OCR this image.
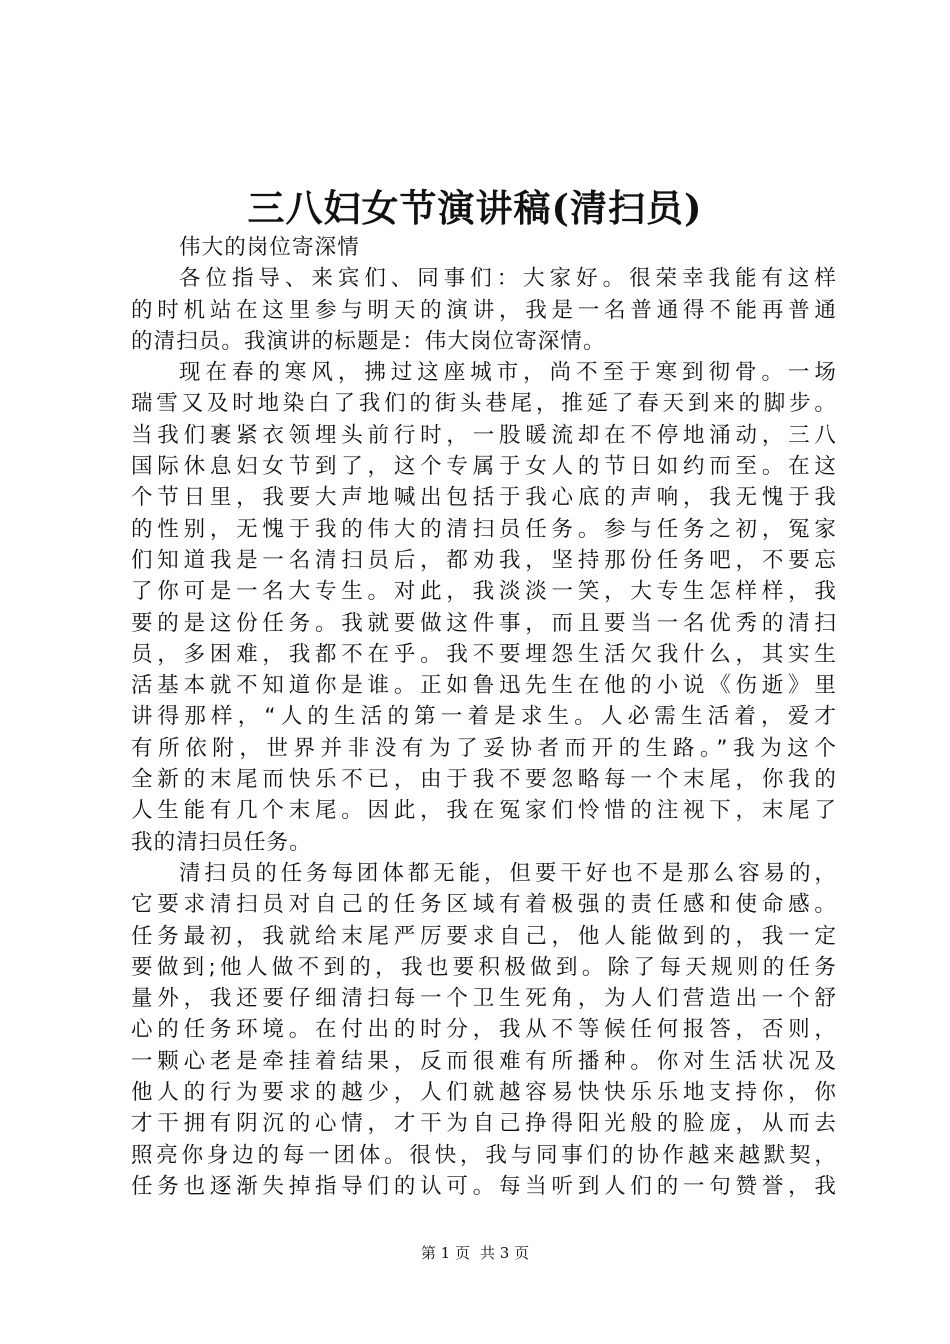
三八妇女节演讲稿(清扫员)
伟大的岗位寄深情
各位指导、来宾们、同事们：大家好。很荣幸我能有这样
的时机站在这里参与明天的演讲，我是一名普通得不能再普通
的清扫员。我演讲的标题是：伟大岗位寄深情。
现在春的寒风，拂过这座城市，尚不至于寒到彻骨。一场
瑞雪又及时地染白了我们的街头巷尾，推延了春天到来的脚步。
当我们裹紧衣领埋头前行时，一股暖流却在不停地涌动，三八
国际休息妇女节到了，这个专属于女人的节日如约而至。在这
个节日里，我要大声地喊出包括于我心底的声响，我无愧于我
的性别，无愧于我的伟大的清扫员任务。参与任务之初，冤家
们知道我是一名清扫员后，都劝我，坚持那份任务吧，不要忘
了你可是一名大专生。对此，我淡淡一笑，大专生怎样样，我
要的是这份任务。我就要做这件事，而且要当一名优秀的清扫
员，多困难，我都不在乎。我不要埋怨生活欠我什么，其实生
活基本就不知道你是谁。正如鲁迅先生在他的小说《伤逝》里
讲得那样，“人的生活的第一着是求生。人必需生活着，爱才
有所依附，世界并非没有为了妥协者而开的生路。”我为这个
全新的末尾而快乐不已，由于我不要忽略每一个末尾，你我的
人生能有几个末尾。因此，我在冤家们怜惜的注视下，末尾了
我的清扫员任务。
清扫员的任务每团体都无能，但要干好也不是那么容易的，
它要求清扫员对自己的任务区域有着极强的责任感和使命感。
任务最初，我就给末尾严厉要求自己，他人能做到的，我一定
要做到;他人做不到的，我也要积极做到。除了每天规则的任务
量外，我还要仔细清扫每一个卫生死角，为人们营造出一个舒
心的任务环境。在付出的时分，我从不等候任何报答，否则，
一颗心老是牵挂着结果，反而很难有所播种。你对生活状况及
他人的行为要求的越少，人们就越容易快快乐乐地支持你，你
才干拥有阴沉的心情，才干为自己挣得阳光般的脸庞，从而去
照亮你身边的每一团体。很快，我与同事们的协作越来越默契，
任务也逐渐失掉指导们的认可。每当听到人们的一句赞誉，我
第 1 页 共 3 页
